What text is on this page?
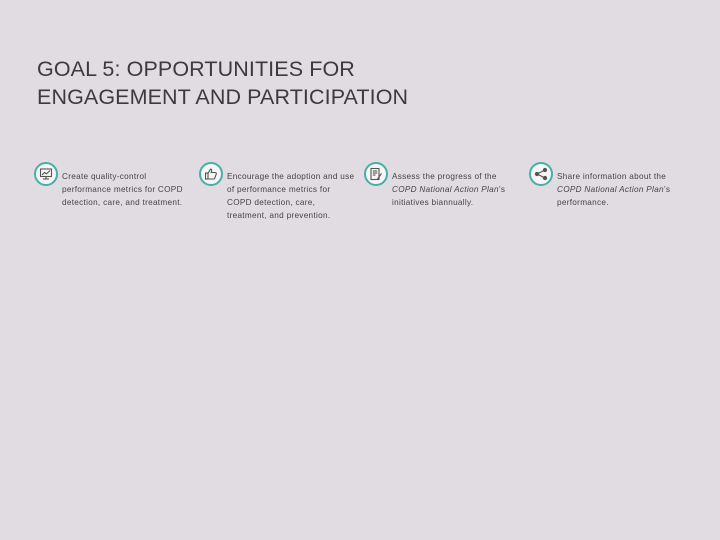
GOAL 5: OPPORTUNITIES FOR
ENGAGEMENT AND PARTICIPATION
Create quality-control performance metrics for COPD detection, care, and treatment.
Encourage the adoption and use of performance metrics for COPD detection, care, treatment, and prevention.
Assess the progress of the COPD National Action Plan’s initiatives biannually.
Share information about the COPD National Action Plan’s performance.
